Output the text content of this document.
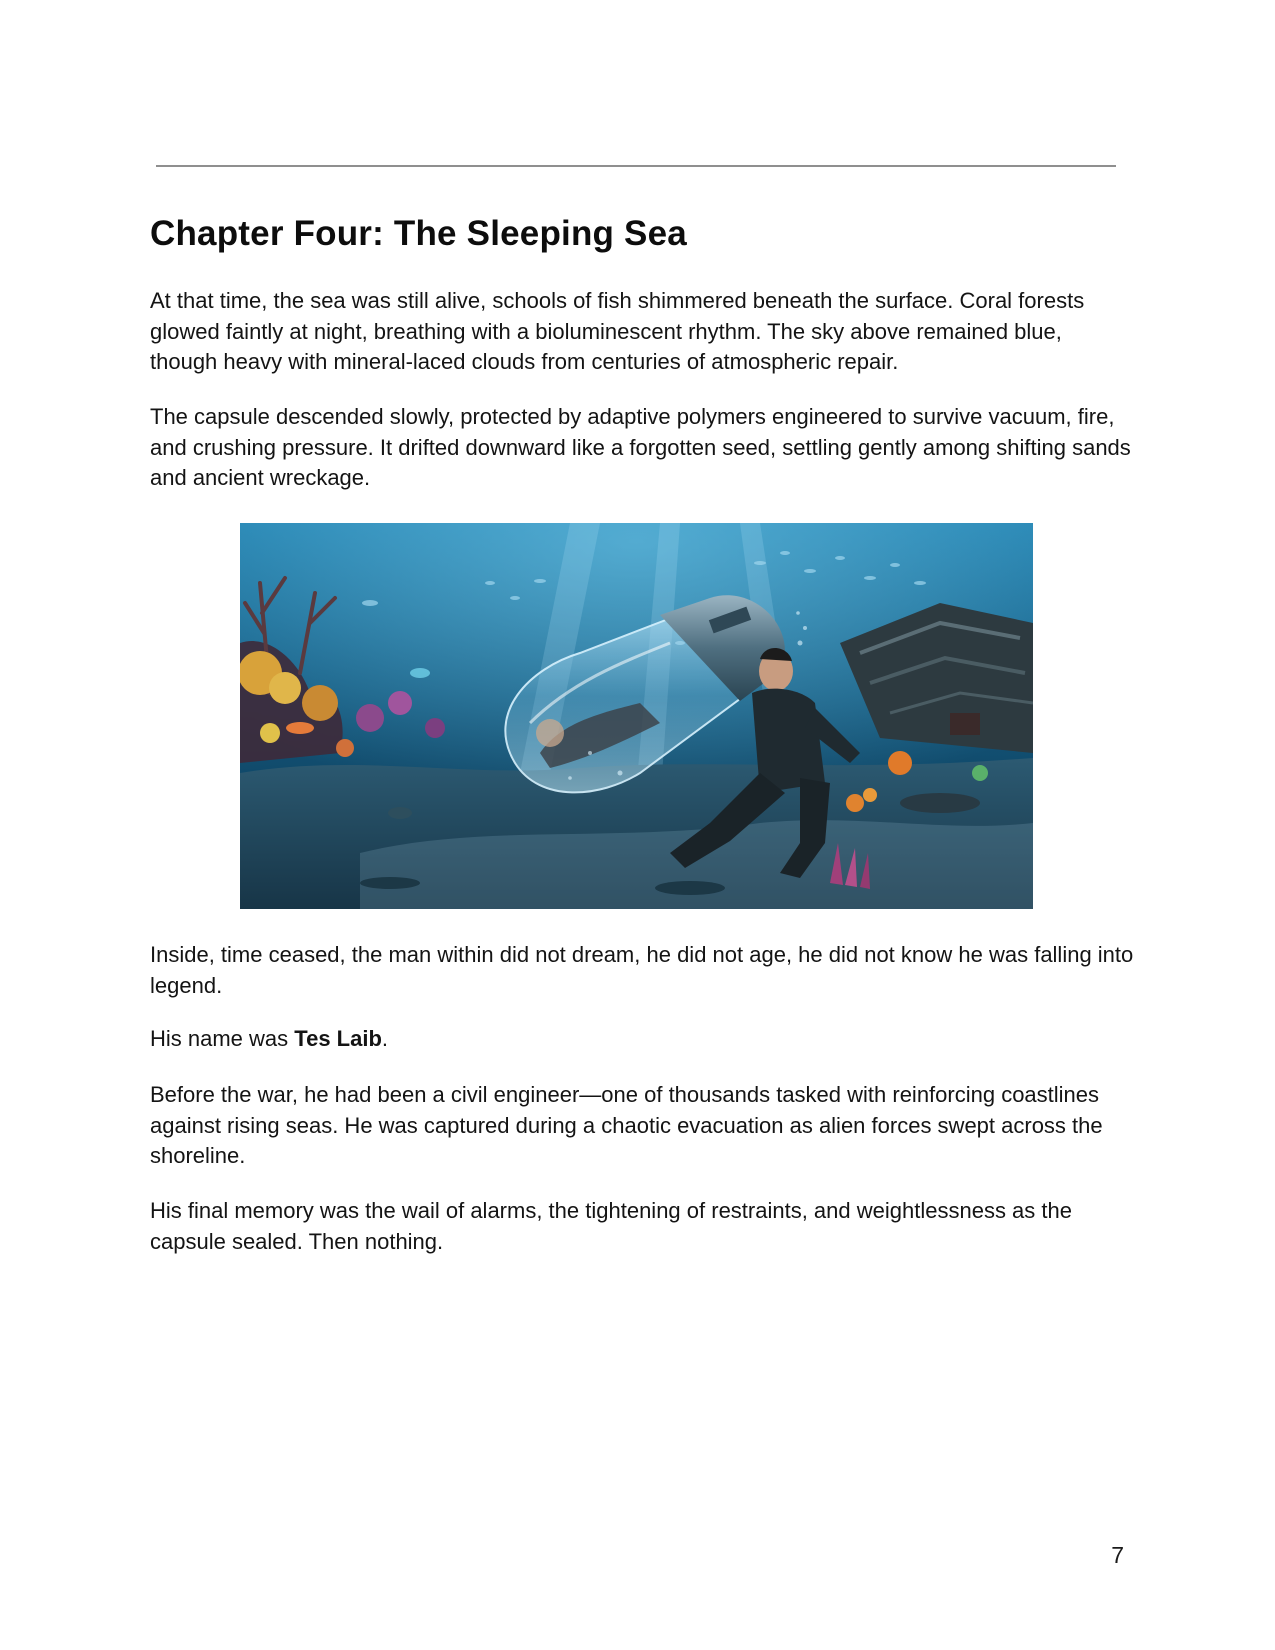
Chapter Four: The Sleeping Sea

At that time, the sea was still alive, schools of fish shimmered beneath the surface. Coral forests glowed faintly at night, breathing with a bioluminescent rhythm. The sky above remained blue, though heavy with mineral-laced clouds from centuries of atmospheric repair.

The capsule descended slowly, protected by adaptive polymers engineered to survive vacuum, fire, and crushing pressure. It drifted downward like a forgotten seed, settling gently among shifting sands and ancient wreckage.

Inside, time ceased, the man within did not dream, he did not age, he did not know he was falling into legend.

His name was Tes Laib.

Before the war, he had been a civil engineer—one of thousands tasked with reinforcing coastlines against rising seas. He was captured during a chaotic evacuation as alien forces swept across the shoreline.

His final memory was the wail of alarms, the tightening of restraints, and weightlessness as the capsule sealed. Then nothing.

7
